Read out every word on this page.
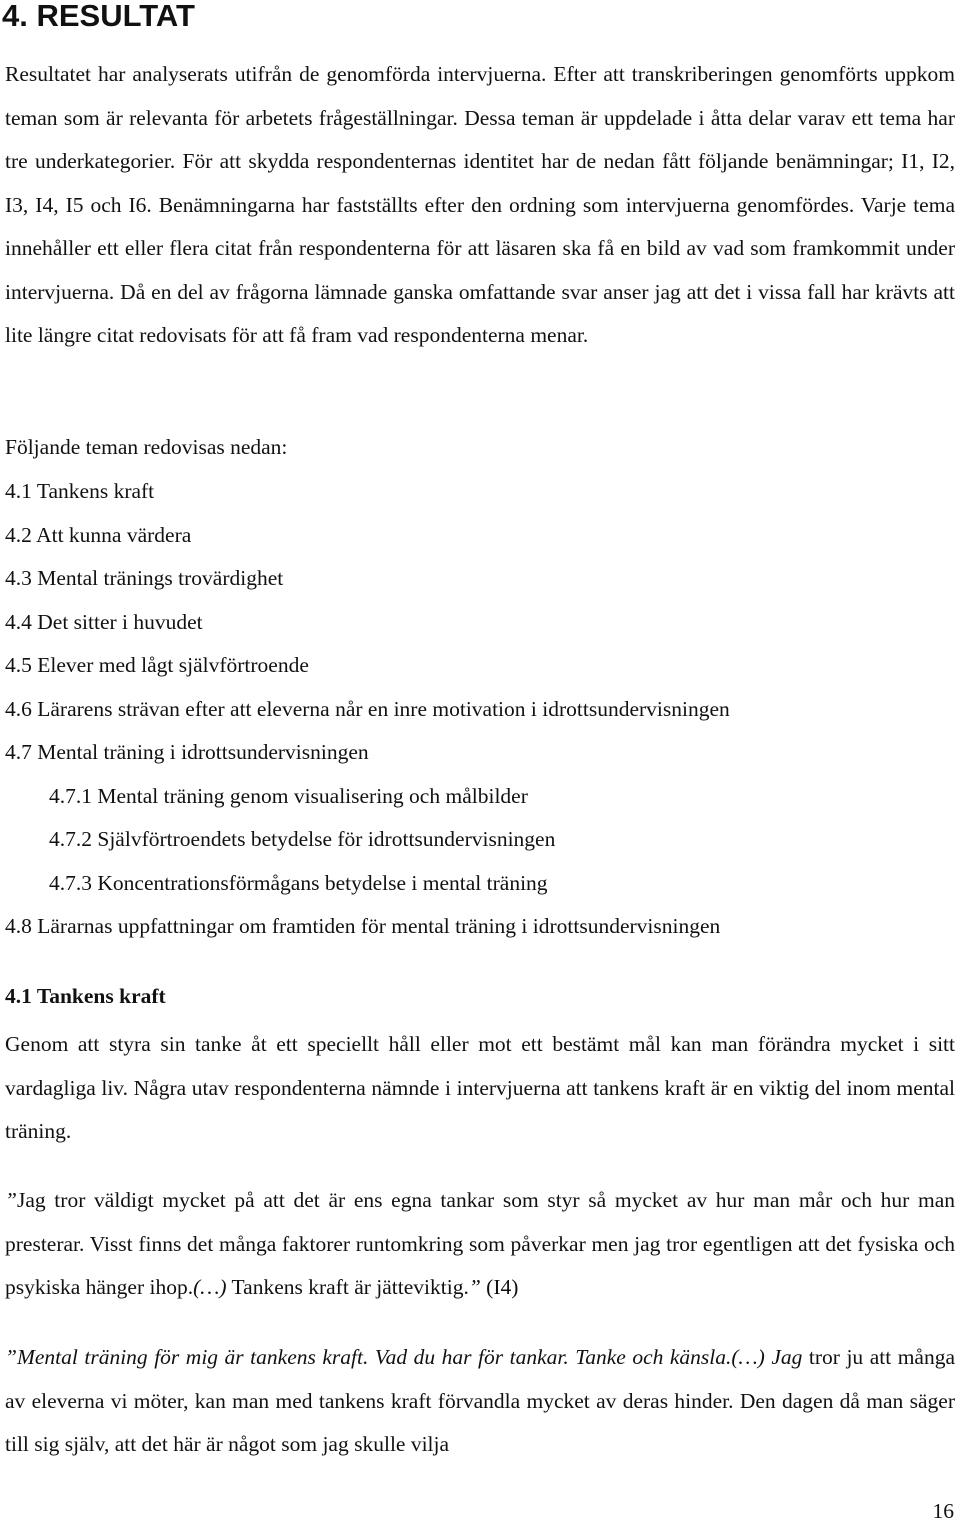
4. RESULTAT

Resultatet har analyserats utifrån de genomförda intervjuerna. Efter att transkriberingen genomförts uppkom teman som är relevanta för arbetets frågeställningar. Dessa teman är uppdelade i åtta delar varav ett tema har tre underkategorier. För att skydda respondenternas identitet har de nedan fått följande benämningar; I1, I2, I3, I4, I5 och I6. Benämningarna har fastställts efter den ordning som intervjuerna genomfördes. Varje tema innehåller ett eller flera citat från respondenterna för att läsaren ska få en bild av vad som framkommit under intervjuerna. Då en del av frågorna lämnade ganska omfattande svar anser jag att det i vissa fall har krävts att lite längre citat redovisats för att få fram vad respondenterna menar.

Följande teman redovisas nedan:

4.1 Tankens kraft
4.2 Att kunna värdera
4.3 Mental tränings trovärdighet
4.4 Det sitter i huvudet
4.5 Elever med lågt självförtroende
4.6 Lärarens strävan efter att eleverna når en inre motivation i idrottsundervisningen
4.7 Mental träning i idrottsundervisningen
4.7.1 Mental träning genom visualisering och målbilder
4.7.2 Självförtroendets betydelse för idrottsundervisningen
4.7.3 Koncentrationsförmågans betydelse i mental träning
4.8 Lärarnas uppfattningar om framtiden för mental träning i idrottsundervisningen
4.1 Tankens kraft

Genom att styra sin tanke åt ett speciellt håll eller mot ett bestämt mål kan man förändra mycket i sitt vardagliga liv. Några utav respondenterna nämnde i intervjuerna att tankens kraft är en viktig del inom mental träning.

”Jag tror väldigt mycket på att det är ens egna tankar som styr så mycket av hur man mår och hur man presterar. Visst finns det många faktorer runtomkring som påverkar men jag tror egentligen att det fysiska och psykiska hänger ihop.(…) Tankens kraft är jätteviktig.” (I4)

”Mental träning för mig är tankens kraft. Vad du har för tankar. Tanke och känsla.(…) Jag tror ju att många av eleverna vi möter, kan man med tankens kraft förvandla mycket av deras hinder. Den dagen då man säger till sig själv, att det här är något som jag skulle vilja

16
